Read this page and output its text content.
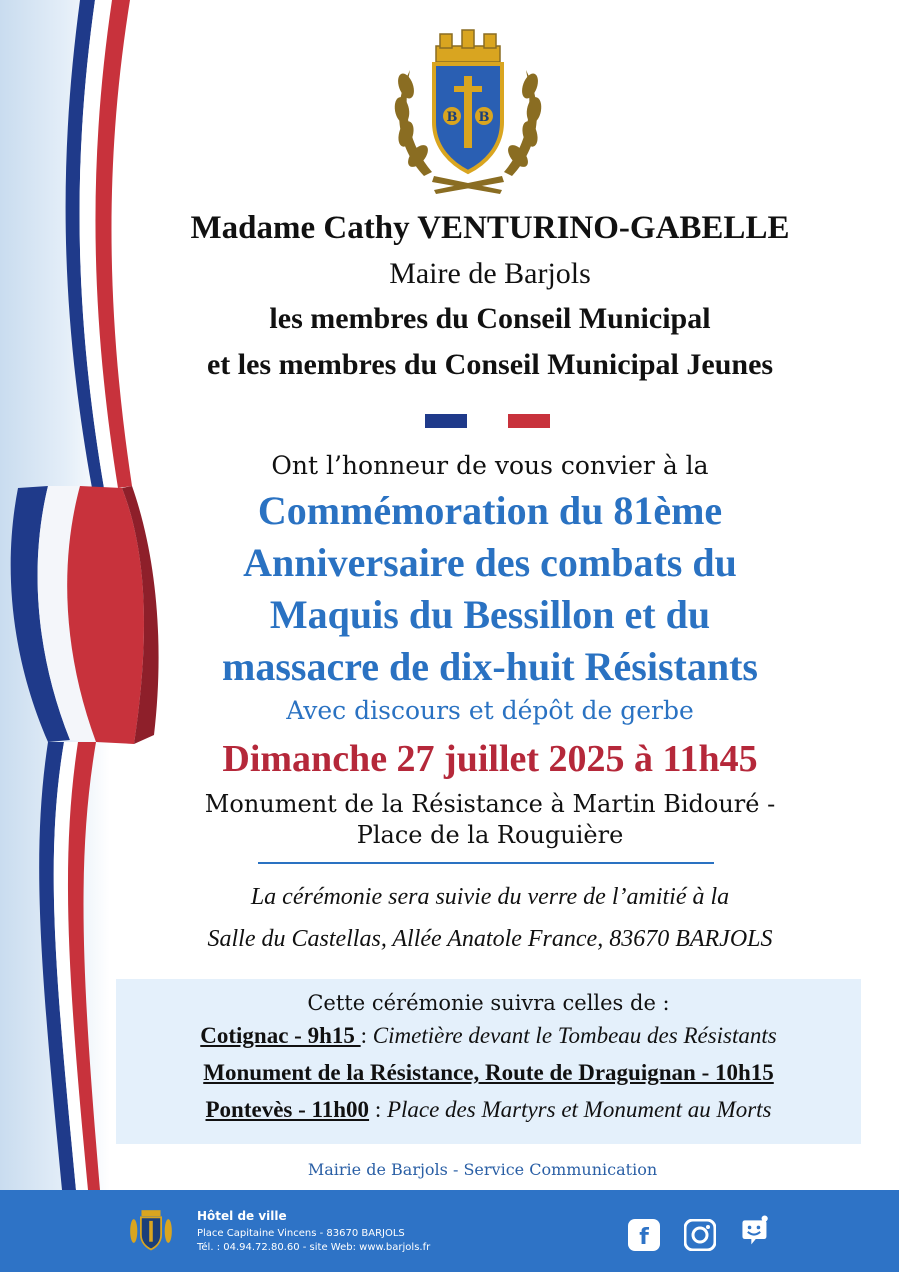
B B
Madame Cathy VENTURINO-GABELLE
Maire de Barjols
les membres du Conseil Municipal
et les membres du Conseil Municipal Jeunes
Ont l’honneur de vous convier à la
Commémoration du 81ème
Anniversaire des combats du
Maquis du Bessillon et du
massacre de dix-huit Résistants
Avec discours et dépôt de gerbe
Dimanche 27 juillet 2025 à 11h45
Monument de la Résistance à Martin Bidouré -
Place de la Rouguière
La cérémonie sera suivie du verre de l’amitié à la
Salle du Castellas, Allée Anatole France, 83670 BARJOLS
Cette cérémonie suivra celles de :
Cotignac - 9h15 : Cimetière devant le Tombeau des Résistants
Monument de la Résistance, Route de Draguignan - 10h15
Pontevès - 11h00 : Place des Martyrs et Monument au Morts
Mairie de Barjols - Service Communication
Hôtel de ville
Place Capitaine Vincens - 83670 BARJOLS
Tél. : 04.94.72.80.60 - site Web: www.barjols.fr	f
